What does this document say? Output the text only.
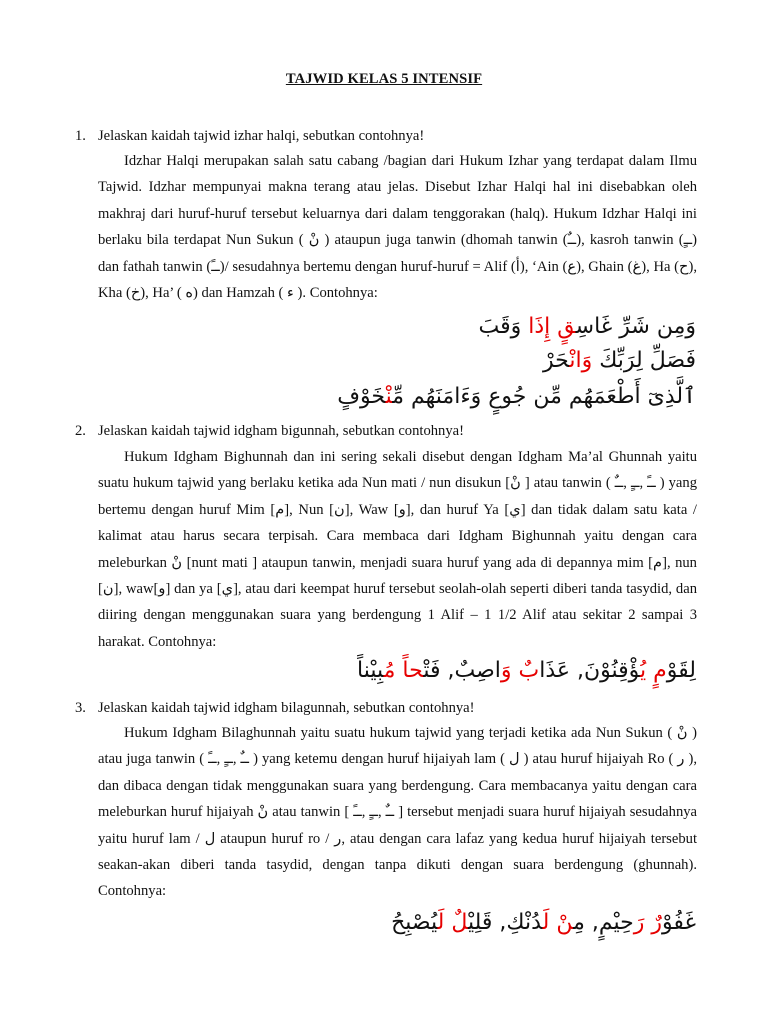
TAJWID KELAS 5 INTENSIF
1. Jelaskan kaidah tajwid izhar halqi, sebutkan contohnya!
Idzhar Halqi merupakan salah satu cabang /bagian dari Hukum Izhar yang terdapat dalam Ilmu Tajwid. Idzhar mempunyai makna terang atau jelas. Disebut Izhar Halqi hal ini disebabkan oleh makhraj dari huruf-huruf tersebut keluarnya dari dalam tenggorakan (halq). Hukum Idzhar Halqi ini berlaku bila terdapat Nun Sukun ( نْ ) ataupun juga tanwin (dhomah tanwin (ــٌ), kasroh tanwin (ــٍ) dan fathah tanwin (ــً)/ sesudahnya bertemu dengan huruf-huruf = Alif (أ), ‘Ain (ع), Ghain (غ), Ha (ح), Kha (خ), Ha’ ( ه) dan Hamzah ( ء ). Contohnya:
وَمِن شَرِّ غَاسِقٍ إِذَا وَقَبَ
فَصَلِّ لِرَبِّكَ وَانْحَرْ
ٱلَّذِىٓ أَطْعَمَهُم مِّن جُوعٍ وَءَامَنَهُم مِّنْخَوْفٍ
2. Jelaskan kaidah tajwid idgham bigunnah, sebutkan contohnya!
Hukum Idgham Bighunnah dan ini sering sekali disebut dengan Idgham Ma’al Ghunnah yaitu suatu hukum tajwid yang berlaku ketika ada Nun mati / nun disukun [نْ ] atau tanwin ( ــً ,ــٍ ,ــٌ ) yang bertemu dengan huruf Mim [م], Nun [ن], Waw [و], dan huruf Ya [ي] dan tidak dalam satu kata / kalimat atau harus secara terpisah. Cara membaca dari Idgham Bighunnah yaitu dengan cara meleburkan نْ [nunt mati ] ataupun tanwin, menjadi suara huruf yang ada di depannya mim [م], nun [ن], waw[و] dan ya [ي], atau dari keempat huruf tersebut seolah-olah seperti diberi tanda tasydid, dan diiring dengan menggunakan suara yang berdengung 1 Alif – 1 1/2 Alif atau sekitar 2 sampai 3 harakat. Contohnya:
لِقَوْمٍ يُؤْقِنُوْنَ, عَذَابٌ وَاصِبٌ, فَتْحاً مُبِيْناً
3. Jelaskan kaidah tajwid idgham bilagunnah, sebutkan contohnya!
Hukum Idgham Bilaghunnah yaitu suatu hukum tajwid yang terjadi ketika ada Nun Sukun ( نْ ) atau juga tanwin ( ــٌ ,ــٍ ,ــً ) yang ketemu dengan huruf hijaiyah lam ( ل ) atau huruf hijaiyah Ro ( ر ), dan dibaca dengan tidak menggunakan suara yang berdengung. Cara membacanya yaitu dengan cara meleburkan huruf hijaiyah نْ atau tanwin [ ــٌ ,ــٍ ,ــً ] tersebut menjadi suara huruf hijaiyah sesudahnya yaitu huruf lam / ل ataupun huruf ro / ر, atau dengan cara lafaz yang kedua huruf hijaiyah tersebut seakan-akan diberi tanda tasydid, dengan tanpa dikuti dengan suara berdengung (ghunnah). Contohnya:
غَفُوْرٌ رَحِيْمٍ, مِنْ لَدُنْكِ, قَلِيْلٌ لَيُصْبِحُ
